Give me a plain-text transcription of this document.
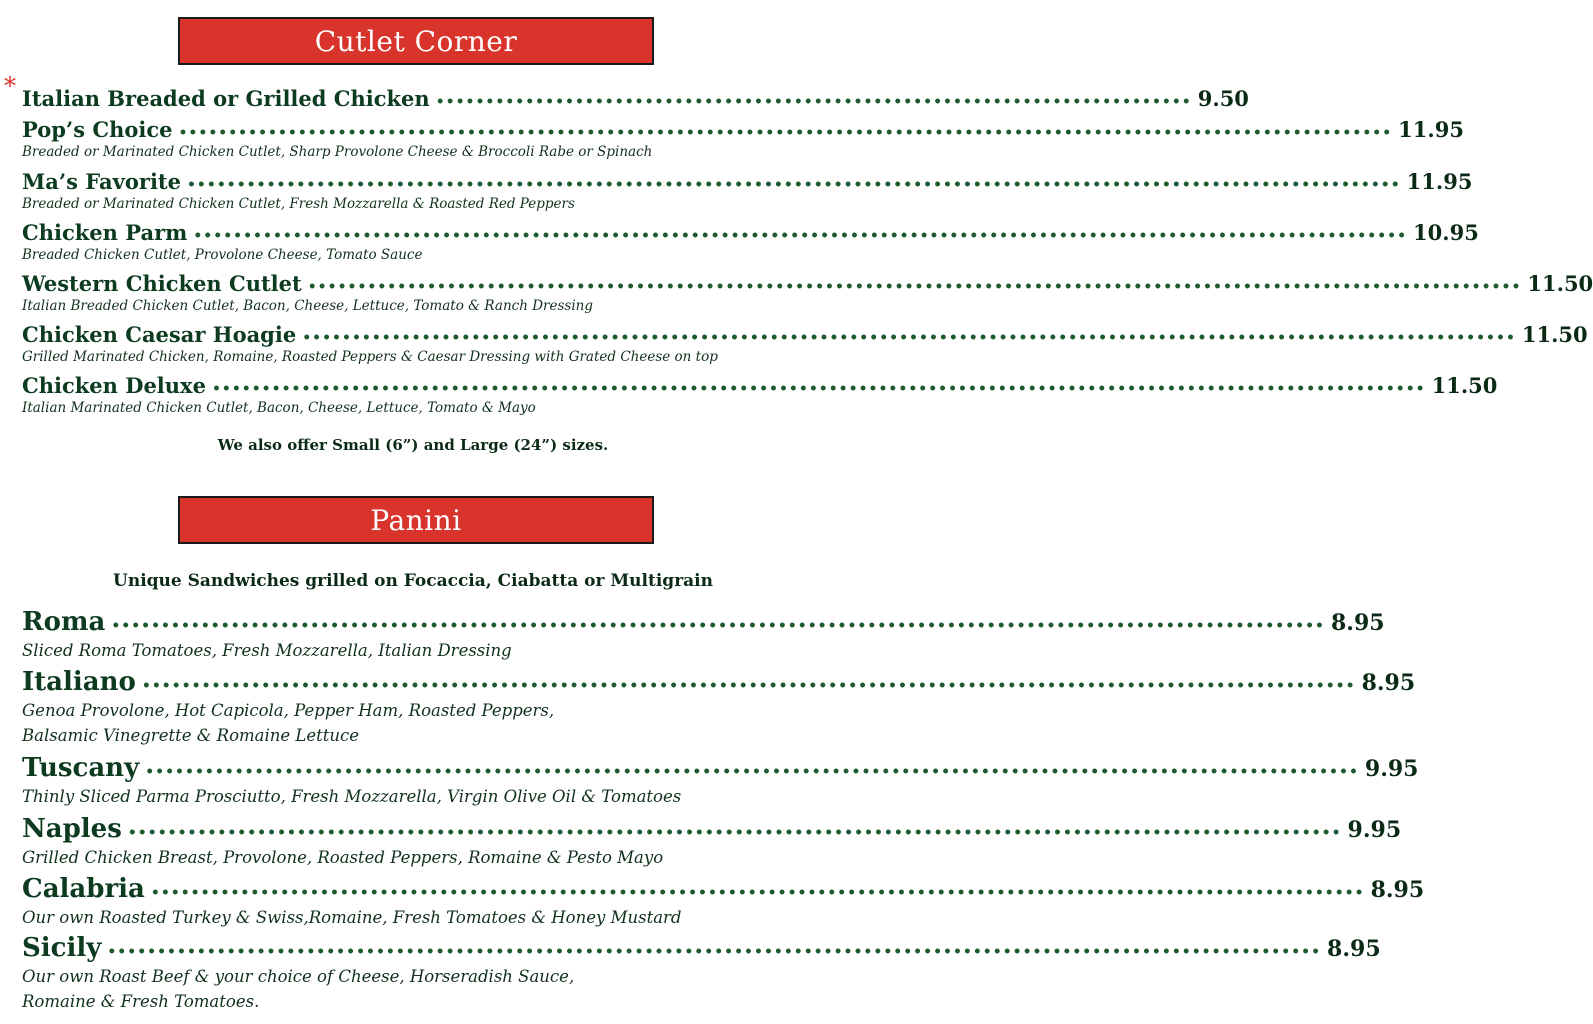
Cutlet Corner
* Italian Breaded or Grilled Chicken •••••••••••••••••••••••••••••••••••••••••••••••••••••••••••••••••••••••••••• 9.50
Pop’s Choice •••••••••••••••••••••••••••••••••••••••••••••••••••••••••••••••••••••••••••••••••••••••••••••••••••••••••••••••••••••••••• 11.95
Breaded or Marinated Chicken Cutlet, Sharp Provolone Cheese & Broccoli Rabe or Spinach
Ma’s Favorite •••••••••••••••••••••••••••••••••••••••••••••••••••••••••••••••••••••••••••••••••••••••••••••••••••••••••••••••••••••••••• 11.95
Breaded or Marinated Chicken Cutlet, Fresh Mozzarella & Roasted Red Peppers
Chicken Parm •••••••••••••••••••••••••••••••••••••••••••••••••••••••••••••••••••••••••••••••••••••••••••••••••••••••••••••••••••••••••• 10.95
Breaded Chicken Cutlet, Provolone Cheese, Tomato Sauce
Western Chicken Cutlet •••••••••••••••••••••••••••••••••••••••••••••••••••••••••••••••••••••••••••••••••••••••••••••••••••••••••••••••••••••••••• 11.50
Italian Breaded Chicken Cutlet, Bacon, Cheese, Lettuce, Tomato & Ranch Dressing
Chicken Caesar Hoagie •••••••••••••••••••••••••••••••••••••••••••••••••••••••••••••••••••••••••••••••••••••••••••••••••••••••••••••••••••••••••• 11.50
Grilled Marinated Chicken, Romaine, Roasted Peppers & Caesar Dressing with Grated Cheese on top
Chicken Deluxe •••••••••••••••••••••••••••••••••••••••••••••••••••••••••••••••••••••••••••••••••••••••••••••••••••••••••••••••••••••••••• 11.50
Italian Marinated Chicken Cutlet, Bacon, Cheese, Lettuce, Tomato & Mayo
We also offer Small (6”) and Large (24”) sizes.
Panini
Unique Sandwiches grilled on Focaccia, Ciabatta or Multigrain
Roma •••••••••••••••••••••••••••••••••••••••••••••••••••••••••••••••••••••••••••••••••••••••••••••••••••••••••••••••••••••••••• 8.95
Sliced Roma Tomatoes, Fresh Mozzarella, Italian Dressing
Italiano •••••••••••••••••••••••••••••••••••••••••••••••••••••••••••••••••••••••••••••••••••••••••••••••••••••••••••••••••••••••••• 8.95
Genoa Provolone, Hot Capicola, Pepper Ham, Roasted Peppers,
Balsamic Vinegrette & Romaine Lettuce
Tuscany •••••••••••••••••••••••••••••••••••••••••••••••••••••••••••••••••••••••••••••••••••••••••••••••••••••••••••••••••••••••••• 9.95
Thinly Sliced Parma Prosciutto, Fresh Mozzarella, Virgin Olive Oil & Tomatoes
Naples •••••••••••••••••••••••••••••••••••••••••••••••••••••••••••••••••••••••••••••••••••••••••••••••••••••••••••••••••••••••••• 9.95
Grilled Chicken Breast, Provolone, Roasted Peppers, Romaine & Pesto Mayo
Calabria •••••••••••••••••••••••••••••••••••••••••••••••••••••••••••••••••••••••••••••••••••••••••••••••••••••••••••••••••••••••••• 8.95
Our own Roasted Turkey & Swiss,Romaine, Fresh Tomatoes & Honey Mustard
Sicily •••••••••••••••••••••••••••••••••••••••••••••••••••••••••••••••••••••••••••••••••••••••••••••••••••••••••••••••••••••••••• 8.95
Our own Roast Beef & your choice of Cheese, Horseradish Sauce,
Romaine & Fresh Tomatoes.
